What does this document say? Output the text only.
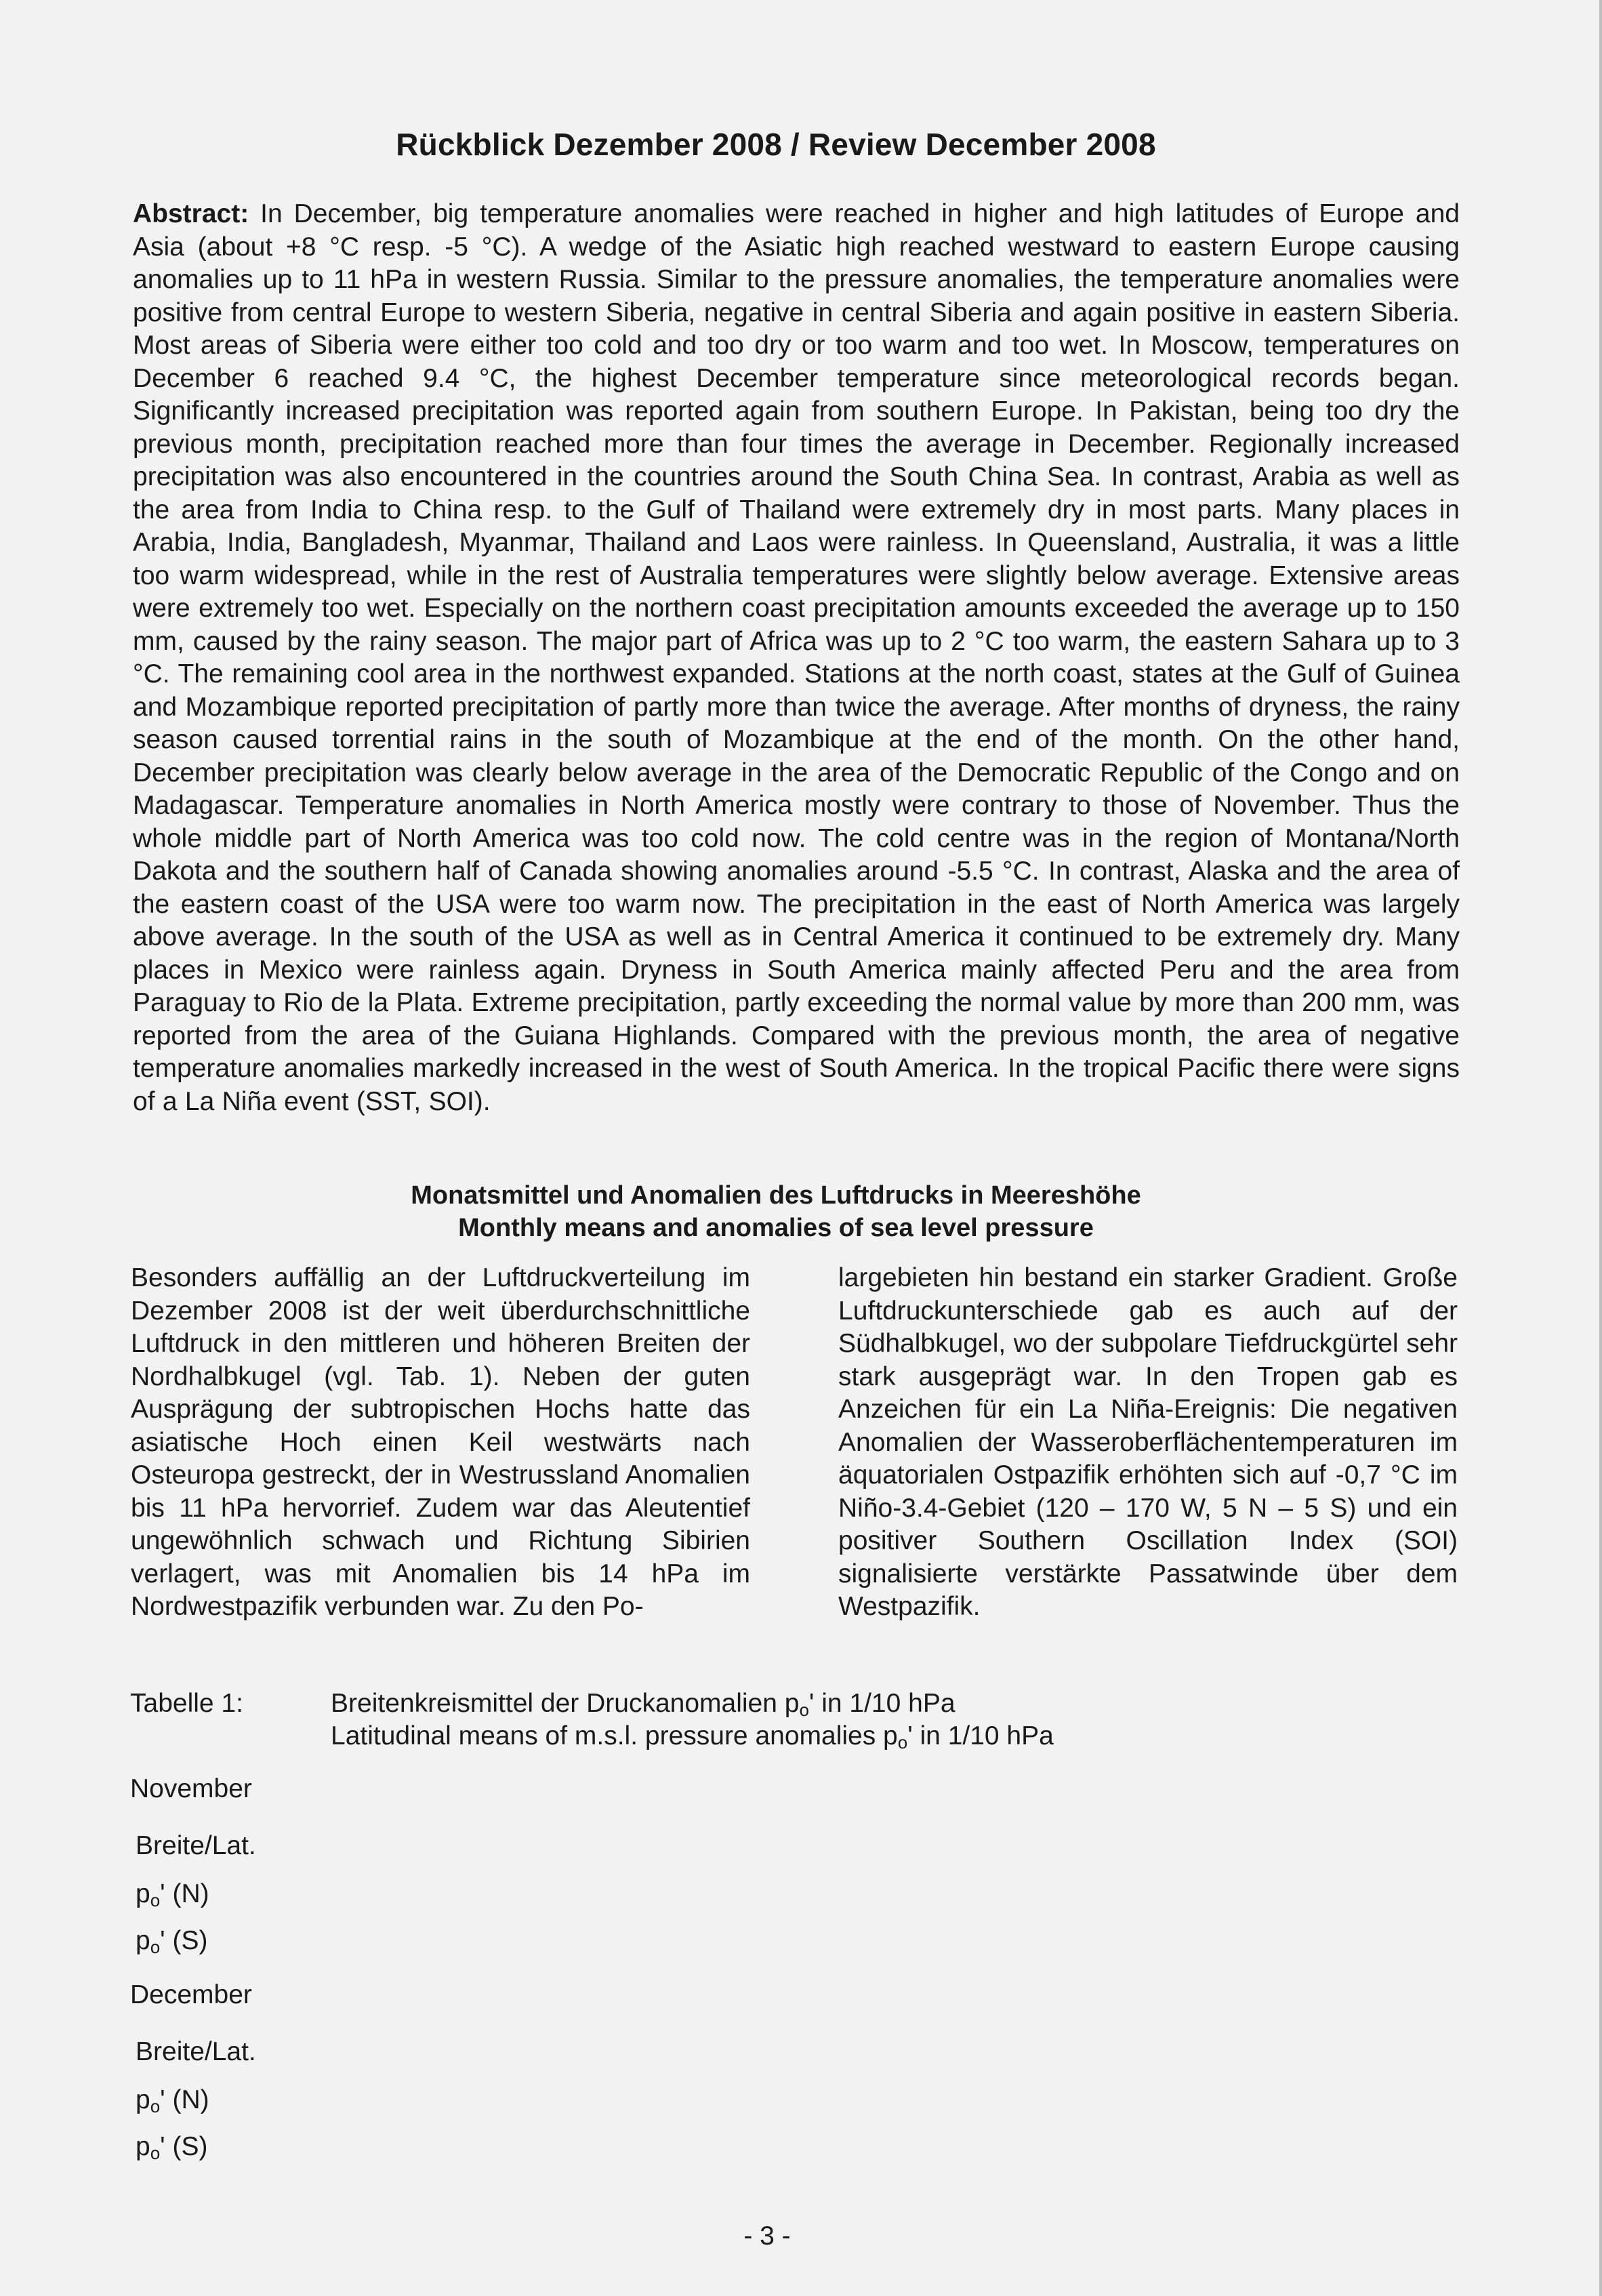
Rückblick Dezember 2008 / Review December 2008
Abstract: In December, big temperature anomalies were reached in higher and high latitudes of Europe and Asia (about +8 °C resp. -5 °C). A wedge of the Asiatic high reached westward to eastern Europe causing anomalies up to 11 hPa in western Russia. Similar to the pressure anomalies, the temperature anomalies were positive from central Europe to western Siberia, negative in central Siberia and again positive in eastern Siberia. Most areas of Siberia were either too cold and too dry or too warm and too wet. In Moscow, temperatures on December 6 reached 9.4 °C, the highest December temperature since meteorological records began. Significantly increased precipitation was reported again from southern Europe. In Pakistan, being too dry the previous month, precipitation reached more than four times the average in December. Regionally increased precipitation was also encountered in the countries around the South China Sea. In contrast, Arabia as well as the area from India to China resp. to the Gulf of Thailand were extremely dry in most parts. Many places in Arabia, India, Bangladesh, Myanmar, Thailand and Laos were rainless. In Queensland, Australia, it was a little too warm widespread, while in the rest of Australia temperatures were slightly below average. Extensive areas were extremely too wet. Especially on the northern coast precipitation amounts exceeded the average up to 150 mm, caused by the rainy season. The major part of Africa was up to 2 °C too warm, the eastern Sahara up to 3 °C. The remaining cool area in the northwest expanded. Stations at the north coast, states at the Gulf of Guinea and Mozambique reported precipitation of partly more than twice the average. After months of dryness, the rainy season caused torrential rains in the south of Mozambique at the end of the month. On the other hand, December precipitation was clearly below average in the area of the Democratic Republic of the Congo and on Madagascar. Temperature anomalies in North America mostly were contrary to those of November. Thus the whole middle part of North America was too cold now. The cold centre was in the region of Montana/North Dakota and the southern half of Canada showing anomalies around -5.5 °C. In contrast, Alaska and the area of the eastern coast of the USA were too warm now. The precipitation in the east of North America was largely above average. In the south of the USA as well as in Central America it continued to be extremely dry. Many places in Mexico were rainless again. Dryness in South America mainly affected Peru and the area from Paraguay to Rio de la Plata. Extreme precipitation, partly exceeding the normal value by more than 200 mm, was reported from the area of the Guiana Highlands. Compared with the previous month, the area of negative temperature anomalies markedly increased in the west of South America. In the tropical Pacific there were signs of a La Niña event (SST, SOI).
Monatsmittel und Anomalien des Luftdrucks in Meereshöhe
Monthly means and anomalies of sea level pressure
Besonders auffällig an der Luftdruckverteilung im Dezember 2008 ist der weit überdurchschnittliche Luftdruck in den mittleren und höheren Breiten der Nordhalbkugel (vgl. Tab. 1). Neben der guten Ausprägung der subtropischen Hochs hatte das asiatische Hoch einen Keil westwärts nach Osteuropa gestreckt, der in Westrussland Anomalien bis 11 hPa hervorrief. Zudem war das Aleutentief ungewöhnlich schwach und Richtung Sibirien verlagert, was mit Anomalien bis 14 hPa im Nordwestpazifik verbunden war. Zu den Po-
largebieten hin bestand ein starker Gradient. Große Luftdruckunterschiede gab es auch auf der Südhalbkugel, wo der subpolare Tiefdruckgürtel sehr stark ausgeprägt war. In den Tropen gab es Anzeichen für ein La Niña-Ereignis: Die negativen Anomalien der Wasseroberflächentemperaturen im äquatorialen Ostpazifik erhöhten sich auf -0,7 °C im Niño-3.4-Gebiet (120 – 170 W, 5 N – 5 S) und ein positiver Southern Oscillation Index (SOI) signalisierte verstärkte Passatwinde über dem Westpazifik.
Tabelle 1:	Breitenkreismittel der Druckanomalien $p_o'$ in 1/10 hPa
Latitudinal means of m.s.l. pressure anomalies $p_o'$ in 1/10 hPa
November
Breite/Lat.
$p_o'$ (N)
$p_o'$ (S)
December
Breite/Lat.
$p_o'$ (N)
$p_o'$ (S)
- 3 -
